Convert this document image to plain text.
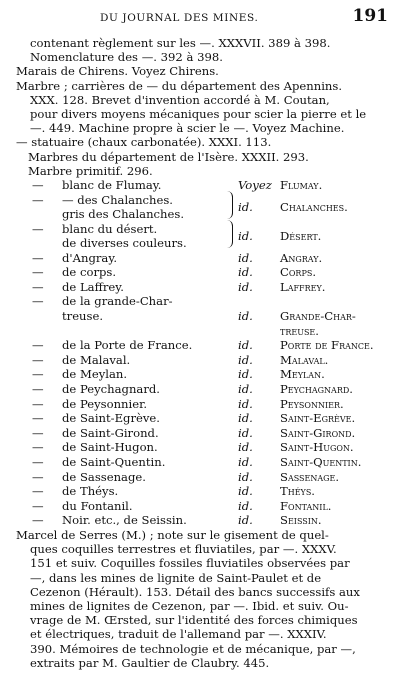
DU JOURNAL DES MINES.	191
contenant règlement sur les —. XXXVII. 389 à 398.
Nomenclature des —. 392 à 398.
Marais de Chirens. Voyez Chirens.
Marbre ; carrières de — du département des Apennins.
XXX. 128. Brevet d'invention accordé à M. Coutan,
pour divers moyens mécaniques pour scier la pierre et le
—. 449. Machine propre à scier le —. Voyez Machine.
— statuaire (chaux carbonatée). XXXI. 113.
Marbres du département de l'Isère. XXXII. 293.
Marbre primitif. 296.
— blanc de Flumay.	Voyez Flumay.
— — des Chalanches.
gris des Chalanches.	id. Chalanches.
— blanc du désert.
de diverses couleurs.	id. Désert.
— d'Angray.	id. Angray.
— de corps.	id. Corps.
— de Laffrey.	id. Laffrey.
— de la grande-Char-
treuse.	id. Grande-Char-
treuse.
— de la Porte de France.	id. Porte de France.
— de Malaval.	id. Malaval.
— de Meylan.	id. Meylan.
— de Peychagnard.	id. Peychagnard.
— de Peysonnier.	id. Peysonnier.
— de Saint-Egrève.	id. Saint-Egrève.
— de Saint-Girond.	id. Saint-Girond.
— de Saint-Hugon.	id. Saint-Hugon.
— de Saint-Quentin.	id. Saint-Quentin.
— de Sassenage.	id. Sassenage.
— de Théys.	id. Théys.
— du Fontanil.	id. Fontanil.
— Noir. etc., de Seissin.	id. Seissin.
Marcel de Serres (M.) ; note sur le gisement de quel-
ques coquilles terrestres et fluviatiles, par —. XXXV.
151 et suiv. Coquilles fossiles fluviatiles observées par
—, dans les mines de lignite de Saint-Paulet et de
Cezenon (Hérault). 153. Détail des bancs successifs aux
mines de lignites de Cezenon, par —. Ibid. et suiv. Ou-
vrage de M. Œrsted, sur l'identité des forces chimiques
et électriques, traduit de l'allemand par —. XXXIV.
390. Mémoires de technologie et de mécanique, par —,
extraits par M. Gaultier de Claubry. 445.
